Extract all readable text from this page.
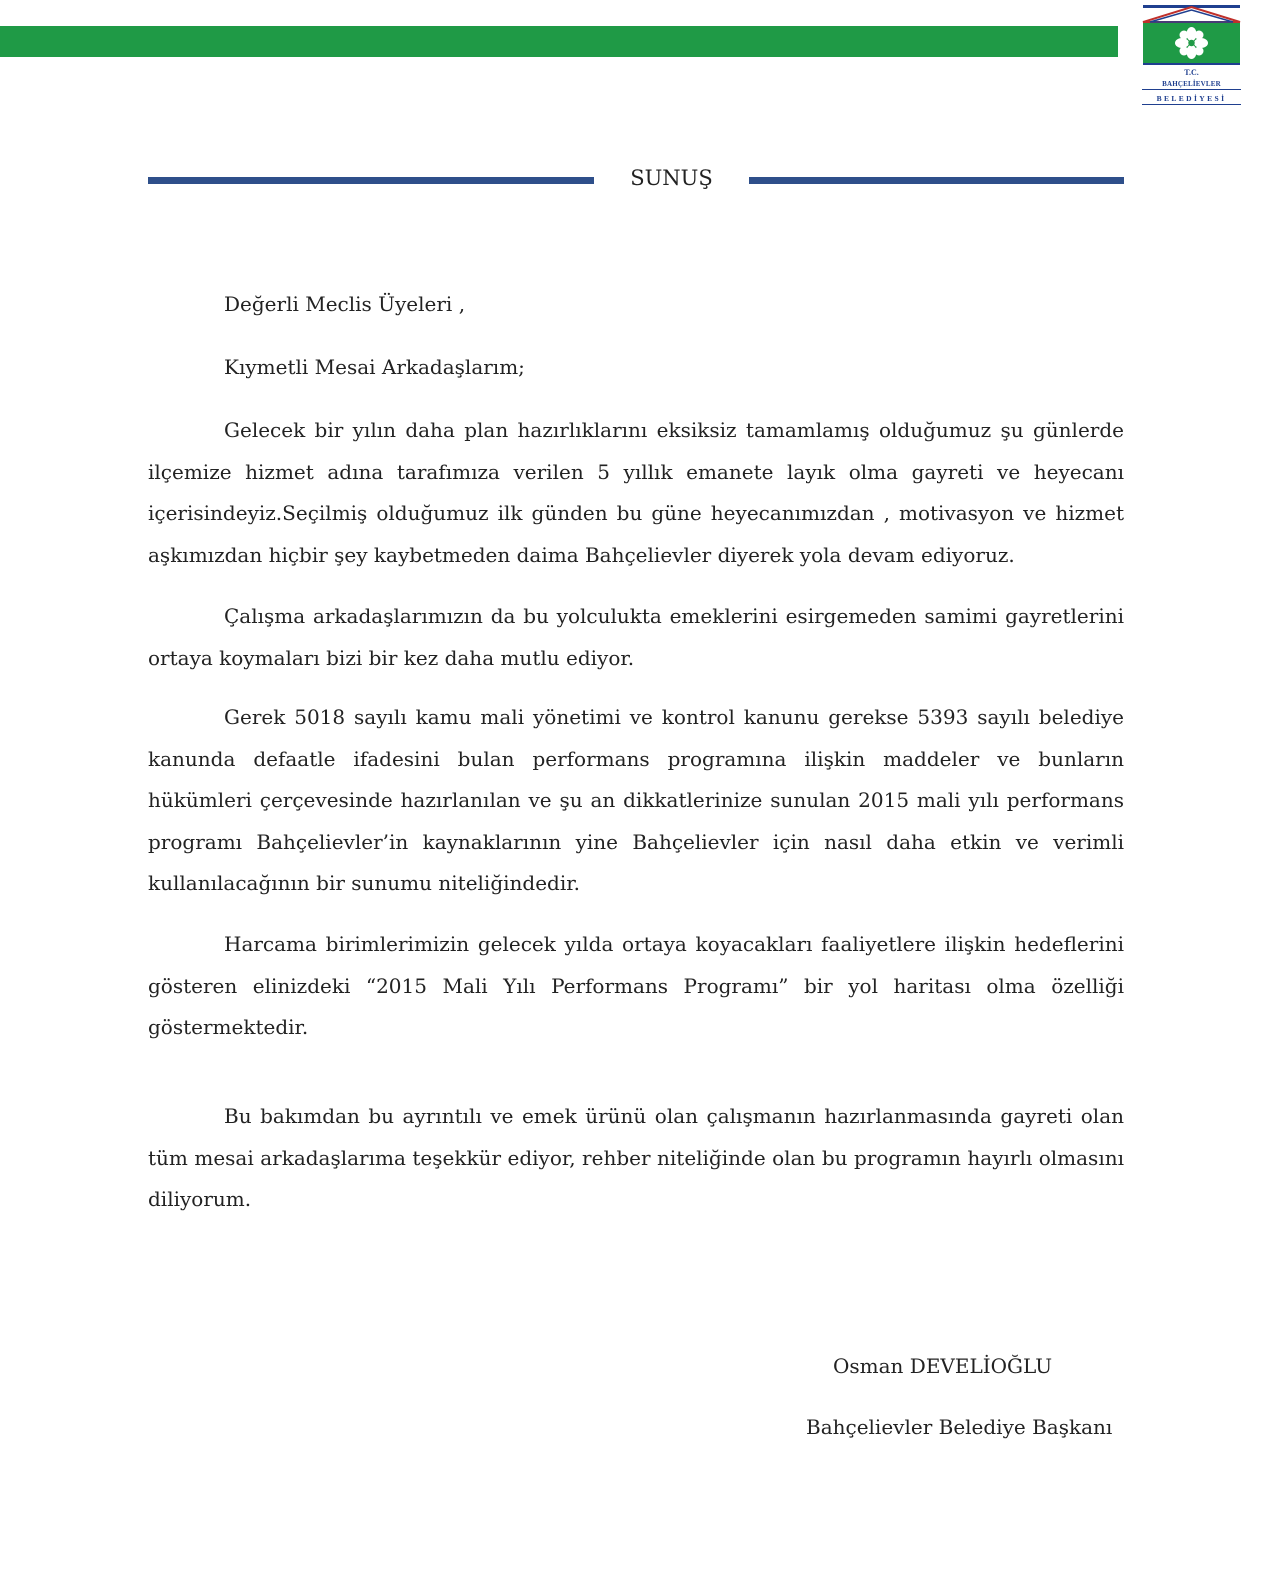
T.C.
BAHÇELİEVLER
BELEDİYESİ
SUNUŞ
Değerli Meclis Üyeleri ,
Kıymetli Mesai Arkadaşlarım;

Gelecek bir yılın daha plan hazırlıklarını eksiksiz tamamlamış olduğumuz şu günlerde ilçemize hizmet adına tarafımıza verilen 5 yıllık emanete layık olma gayreti ve heyecanı içerisindeyiz.Seçilmiş olduğumuz ilk günden bu güne heyecanımızdan , motivasyon ve hizmet aşkımızdan hiçbir şey kaybetmeden daima Bahçelievler diyerek yola devam ediyoruz.

Çalışma arkadaşlarımızın da bu yolculukta emeklerini esirgemeden samimi gayretlerini ortaya koymaları bizi bir kez daha mutlu ediyor.

Gerek 5018 sayılı kamu mali yönetimi ve kontrol kanunu gerekse 5393 sayılı belediye kanunda defaatle ifadesini bulan performans programına ilişkin maddeler ve bunların hükümleri çerçevesinde hazırlanılan ve şu an dikkatlerinize sunulan 2015 mali yılı performans programı Bahçelievler’in kaynaklarının yine Bahçelievler için nasıl daha etkin ve verimli kullanılacağının bir sunumu niteliğindedir.

Harcama birimlerimizin gelecek yılda ortaya koyacakları faaliyetlere ilişkin hedeflerini gösteren elinizdeki “2015 Mali Yılı Performans Programı” bir yol haritası olma özelliği göstermektedir.

Bu bakımdan bu ayrıntılı ve emek ürünü olan çalışmanın hazırlanmasında gayreti olan tüm mesai arkadaşlarıma teşekkür ediyor, rehber niteliğinde olan bu programın hayırlı olmasını diliyorum.

Osman DEVELİOĞLU
Bahçelievler Belediye Başkanı
